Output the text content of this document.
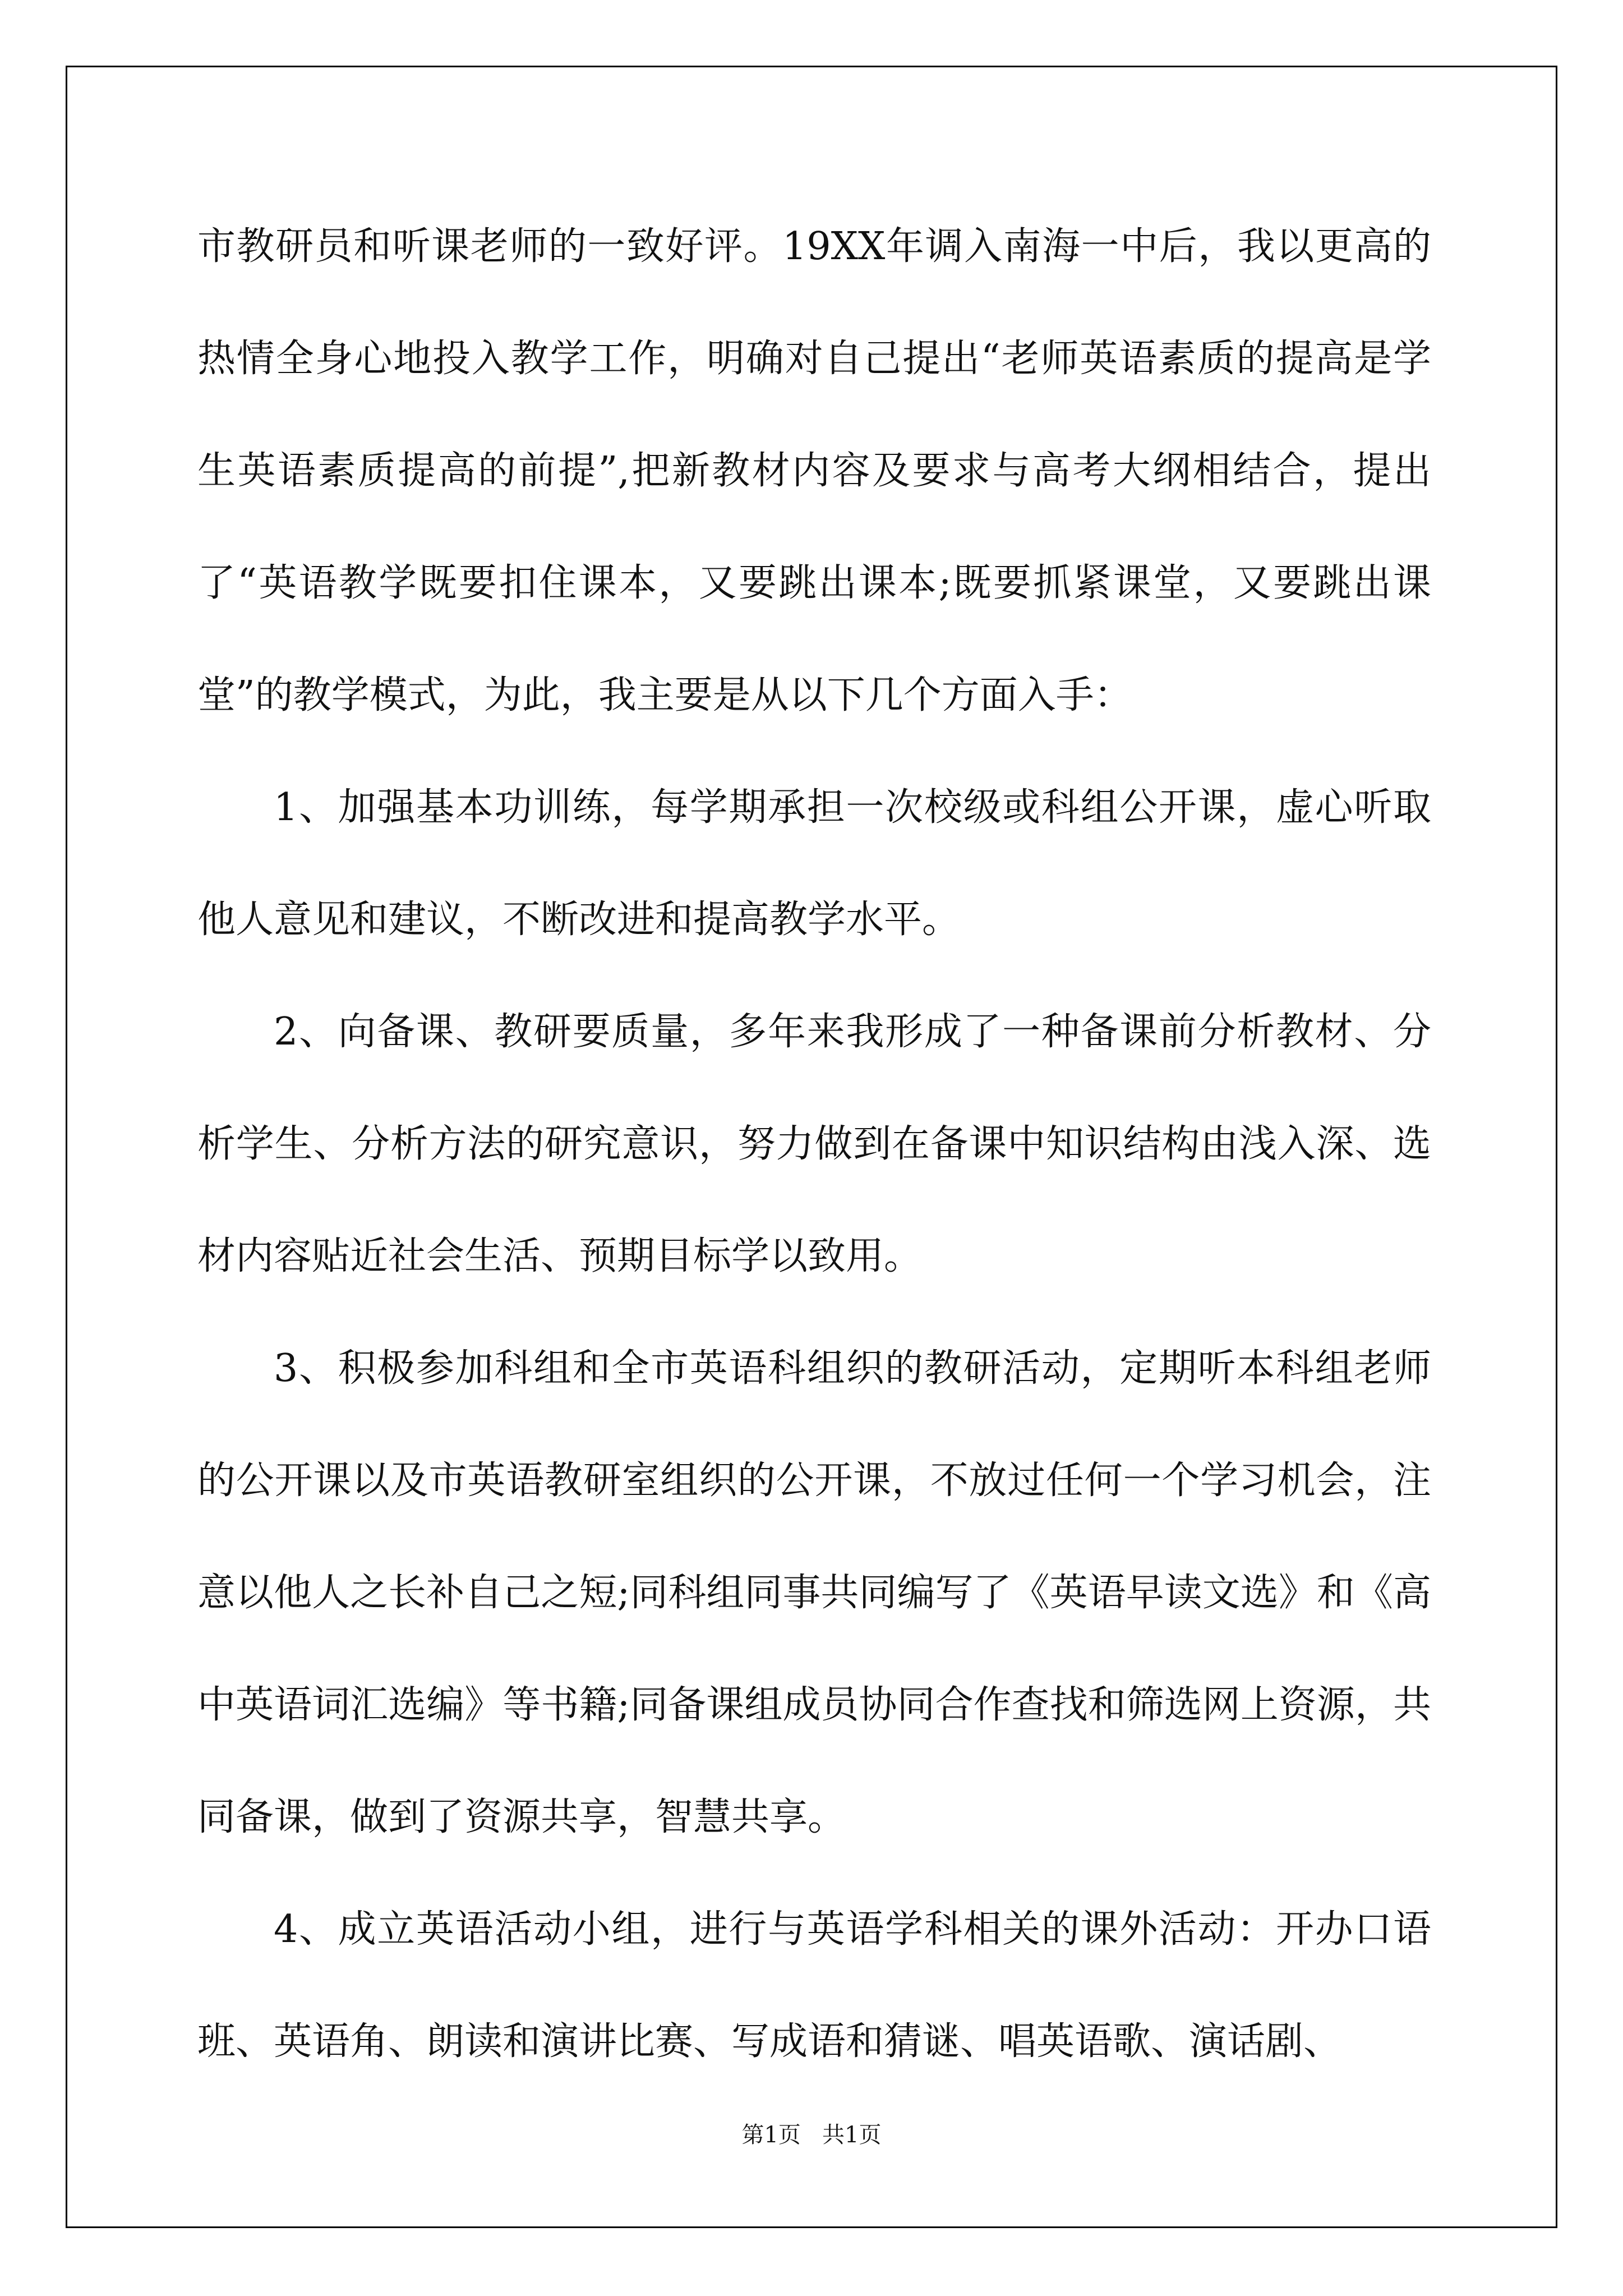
市教研员和听课老师的一致好评。19XX年调入南海一中后，我以更高的热情全身心地投入教学工作，明确对自己提出“老师英语素质的提高是学生英语素质提高的前提”,把新教材内容及要求与高考大纲相结合，提出了“英语教学既要扣住课本，又要跳出课本;既要抓紧课堂，又要跳出课堂”的教学模式，为此，我主要是从以下几个方面入手：

1、加强基本功训练，每学期承担一次校级或科组公开课，虚心听取他人意见和建议，不断改进和提高教学水平。

2、向备课、教研要质量，多年来我形成了一种备课前分析教材、分析学生、分析方法的研究意识，努力做到在备课中知识结构由浅入深、选材内容贴近社会生活、预期目标学以致用。

3、积极参加科组和全市英语科组织的教研活动，定期听本科组老师的公开课以及市英语教研室组织的公开课，不放过任何一个学习机会，注意以他人之长补自己之短;同科组同事共同编写了《英语早读文选》和《高中英语词汇选编》等书籍;同备课组成员协同合作查找和筛选网上资源，共同备课，做到了资源共享，智慧共享。

4、成立英语活动小组，进行与英语学科相关的课外活动：开办口语班、英语角、朗读和演讲比赛、写成语和猜谜、唱英语歌、演话剧、

第1页   共1页
